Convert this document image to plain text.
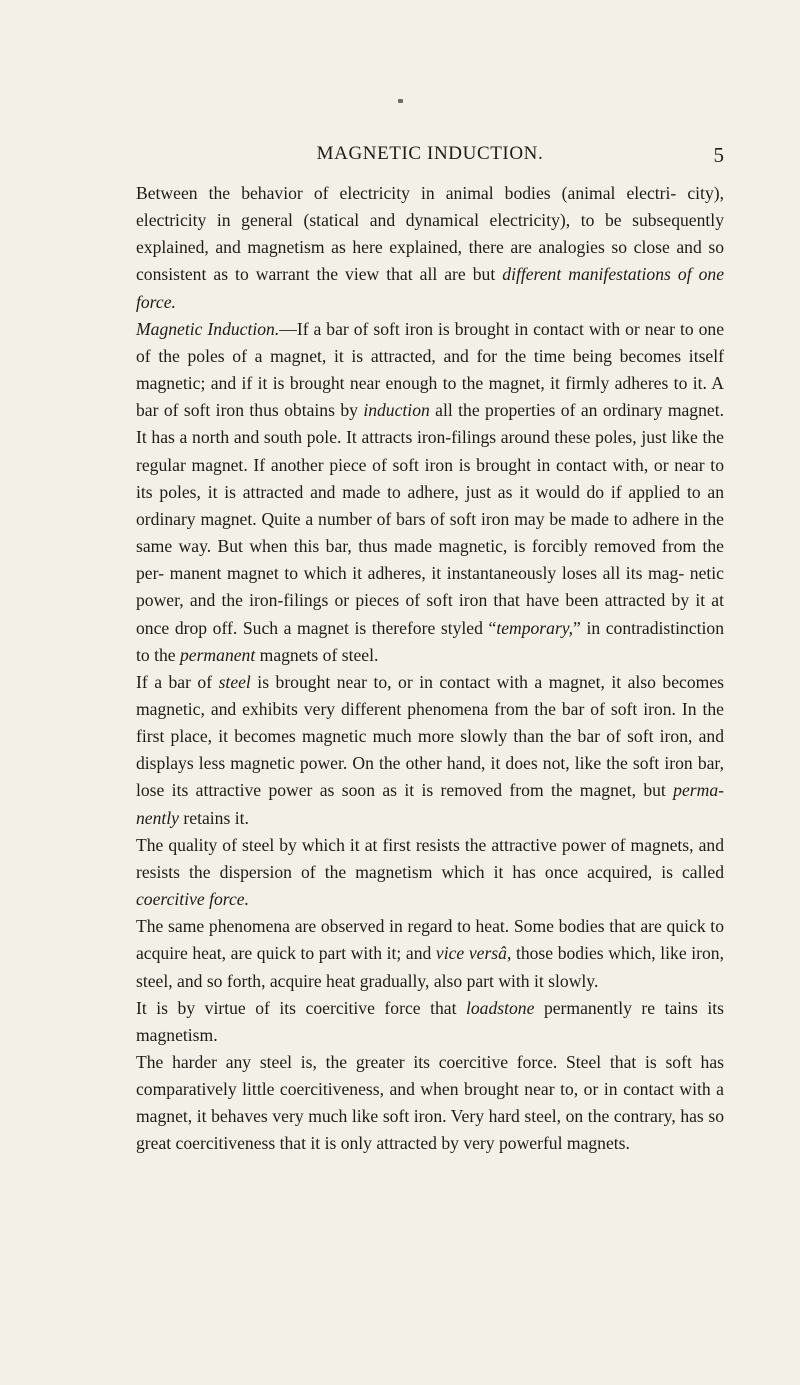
MAGNETIC INDUCTION.	5

Between the behavior of electricity in animal bodies (animal electri- city), electricity in general (statical and dynamical electricity), to be subsequently explained, and magnetism as here explained, there are analogies so close and so consistent as to warrant the view that all are but different manifestations of one force.

Magnetic Induction.—If a bar of soft iron is brought in contact with or near to one of the poles of a magnet, it is attracted, and for the time being becomes itself magnetic; and if it is brought near enough to the magnet, it firmly adheres to it. A bar of soft iron thus obtains by induction all the properties of an ordinary magnet. It has a north and south pole. It attracts iron-filings around these poles, just like the regular magnet. If another piece of soft iron is brought in contact with, or near to its poles, it is attracted and made to adhere, just as it would do if applied to an ordinary magnet. Quite a number of bars of soft iron may be made to adhere in the same way. But when this bar, thus made magnetic, is forcibly removed from the per- manent magnet to which it adheres, it instantaneously loses all its mag- netic power, and the iron-filings or pieces of soft iron that have been attracted by it at once drop off. Such a magnet is therefore styled “temporary,” in contradistinction to the permanent magnets of steel.

If a bar of steel is brought near to, or in contact with a magnet, it also becomes magnetic, and exhibits very different phenomena from the bar of soft iron. In the first place, it becomes magnetic much more slowly than the bar of soft iron, and displays less magnetic power. On the other hand, it does not, like the soft iron bar, lose its attractive power as soon as it is removed from the magnet, but perma- nently retains it.

The quality of steel by which it at first resists the attractive power of magnets, and resists the dispersion of the magnetism which it has once acquired, is called coercitive force.

The same phenomena are observed in regard to heat. Some bodies that are quick to acquire heat, are quick to part with it; and vice versâ, those bodies which, like iron, steel, and so forth, acquire heat gradually, also part with it slowly.

It is by virtue of its coercitive force that loadstone permanently re tains its magnetism.

The harder any steel is, the greater its coercitive force. Steel that is soft has comparatively little coercitiveness, and when brought near to, or in contact with a magnet, it behaves very much like soft iron. Very hard steel, on the contrary, has so great coercitiveness that it is only attracted by very powerful magnets.
